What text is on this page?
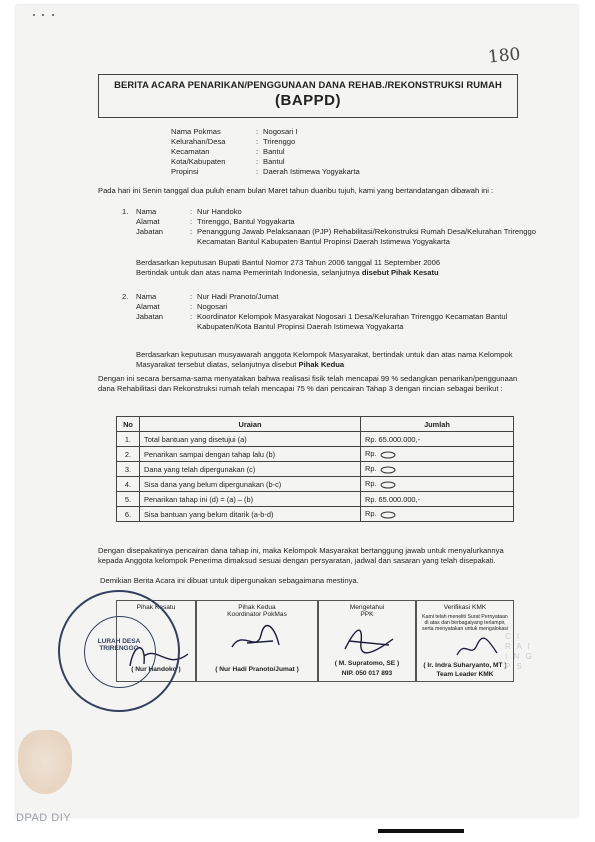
180
BERITA ACARA PENARIKAN/PENGGUNAAN DANA REHAB./REKONSTRUKSI RUMAH
(BAPPD)
Nama Pokmas	: Nogosari I
Kelurahan/Desa	: Trirenggo
Kecamatan	: Bantul
Kota/Kabupaten	: Bantul
Propinsi	: Daerah Istimewa Yogyakarta
Pada hari ini Senin tanggal dua puluh enam bulan Maret tahun duaribu tujuh, kami yang bertandatangan dibawah ini :
1. Nama	: Nur Handoko
Alamat	: Trirenggo, Bantul Yogyakarta
Jabatan	: Penanggung Jawab Pelaksanaan (PJP) Rehabilitasi/Rekonstruksi Rumah Desa/Kelurahan Trirenggo Kecamatan Bantul Kabupaten Bantul Propinsi Daerah Istimewa Yogyakarta
Berdasarkan keputusan Bupati Bantul Nomor 273 Tahun 2006 tanggal 11 September 2006
Bertindak untuk dan atas nama Pemerintah Indonesia, selanjutnya disebut Pihak Kesatu
2. Nama	: Nur Hadi Pranoto/Jumat
Alamat	: Nogosari
Jabatan	: Koordinator Kelompok Masyarakat Nogosari 1 Desa/Kelurahan Trirenggo Kecamatan Bantul Kabupaten/Kota Bantul Propinsi Daerah Istimewa Yogyakarta
Berdasarkan keputusan musyawarah anggota Kelompok Masyarakat, bertindak untuk dan atas nama Kelompok Masyarakat tersebut diatas, selanjutnya disebut Pihak Kedua
Dengan ini secara bersama-sama menyatakan bahwa realisasi fisik telah mencapai 99 % sedangkan penarikan/penggunaan dana Rehabilitasi dan Rekonstruksi rumah telah mencapai 75 % dari pencairan Tahap 3 dengan rincian sebagai berikut :
No	Uraian	Jumlah
1.	Total bantuan yang disetujui (a)	Rp. 65.000.000,-
2.	Penarikan sampai dengan tahap lalu (b)	Rp.
3.	Dana yang telah dipergunakan (c)	Rp.
4.	Sisa dana yang belum dipergunakan (b-c)	Rp.
5.	Penarikan tahap ini (d) = (a) – (b)	Rp. 65.000.000,-
6.	Sisa bantuan yang belum ditarik (a-b-d)	Rp.
Dengan disepakatinya pencairan dana tahap ini, maka Kelompok Masyarakat bertanggung jawab untuk menyalurkannya kepada Anggota kelompok Penerima dimaksud sesuai dengan persyaratan, jadwal dan sasaran yang telah disepakati.
Demikian Berita Acara ini dibuat untuk dipergunakan sebagaimana mestinya.
Pihak Kesatu
( Nur Handoko )
Pihak Kedua
Koordinator PokMas
( Nur Hadi Pranoto/Jumat )
Mengetahui
PPK
( M. Supratomo, SE )
NIP. 050 017 893
Verifikasi KMK
Kami telah meneliti Surat Pernyataan di atas dan berbagaiyang terlampir, serta menyatakan untuk mengalokasi
( Ir. Indra Suharyanto, MT )
Team Leader KMK
LURAH DESA TRIRENGGO
C I
R A I
I N G
P S
DPAD DIY
